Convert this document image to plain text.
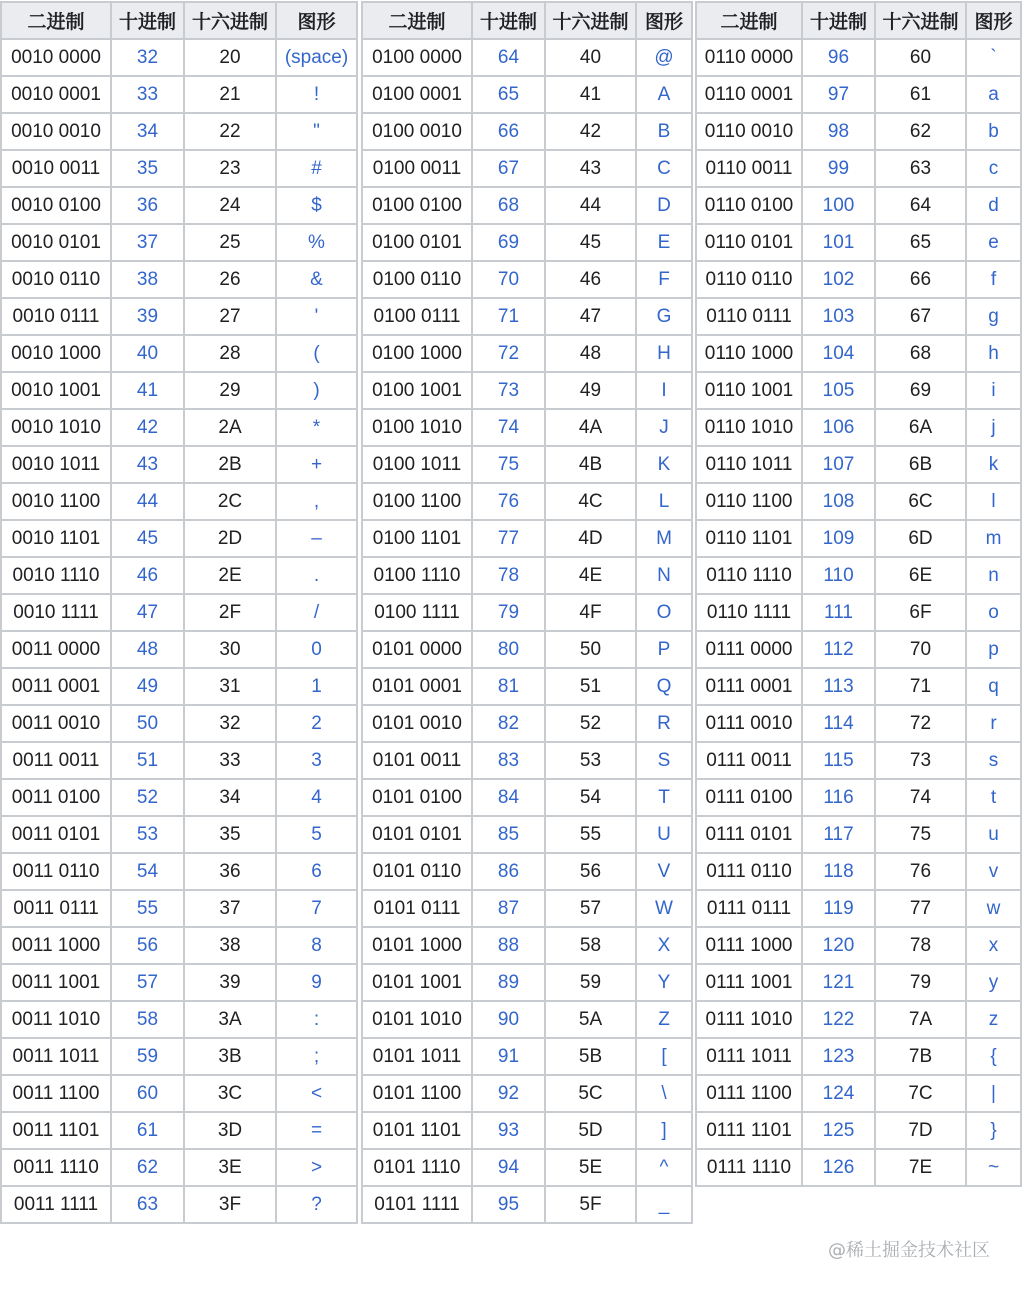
二进制	十进制	十六进制	图形
0010 0000	32	20	(space)
0010 0001	33	21	!
0010 0010	34	22	"
0010 0011	35	23	#
0010 0100	36	24	$
0010 0101	37	25	%
0010 0110	38	26	&
0010 0111	39	27	'
0010 1000	40	28	(
0010 1001	41	29	)
0010 1010	42	2A	*
0010 1011	43	2B	+
0010 1100	44	2C	,
0010 1101	45	2D	–
0010 1110	46	2E	.
0010 1111	47	2F	/
0011 0000	48	30	0
0011 0001	49	31	1
0011 0010	50	32	2
0011 0011	51	33	3
0011 0100	52	34	4
0011 0101	53	35	5
0011 0110	54	36	6
0011 0111	55	37	7
0011 1000	56	38	8
0011 1001	57	39	9
0011 1010	58	3A	:
0011 1011	59	3B	;
0011 1100	60	3C	<
0011 1101	61	3D	=
0011 1110	62	3E	>
0011 1111	63	3F	?
二进制	十进制	十六进制	图形
0100 0000	64	40	@
0100 0001	65	41	A
0100 0010	66	42	B
0100 0011	67	43	C
0100 0100	68	44	D
0100 0101	69	45	E
0100 0110	70	46	F
0100 0111	71	47	G
0100 1000	72	48	H
0100 1001	73	49	I
0100 1010	74	4A	J
0100 1011	75	4B	K
0100 1100	76	4C	L
0100 1101	77	4D	M
0100 1110	78	4E	N
0100 1111	79	4F	O
0101 0000	80	50	P
0101 0001	81	51	Q
0101 0010	82	52	R
0101 0011	83	53	S
0101 0100	84	54	T
0101 0101	85	55	U
0101 0110	86	56	V
0101 0111	87	57	W
0101 1000	88	58	X
0101 1001	89	59	Y
0101 1010	90	5A	Z
0101 1011	91	5B	[
0101 1100	92	5C	\
0101 1101	93	5D	]
0101 1110	94	5E	^
0101 1111	95	5F	_
二进制	十进制	十六进制	图形
0110 0000	96	60	`
0110 0001	97	61	a
0110 0010	98	62	b
0110 0011	99	63	c
0110 0100	100	64	d
0110 0101	101	65	e
0110 0110	102	66	f
0110 0111	103	67	g
0110 1000	104	68	h
0110 1001	105	69	i
0110 1010	106	6A	j
0110 1011	107	6B	k
0110 1100	108	6C	l
0110 1101	109	6D	m
0110 1110	110	6E	n
0110 1111	111	6F	o
0111 0000	112	70	p
0111 0001	113	71	q
0111 0010	114	72	r
0111 0011	115	73	s
0111 0100	116	74	t
0111 0101	117	75	u
0111 0110	118	76	v
0111 0111	119	77	w
0111 1000	120	78	x
0111 1001	121	79	y
0111 1010	122	7A	z
0111 1011	123	7B	{
0111 1100	124	7C	|
0111 1101	125	7D	}
0111 1110	126	7E	~

@稀土掘金技术社区
